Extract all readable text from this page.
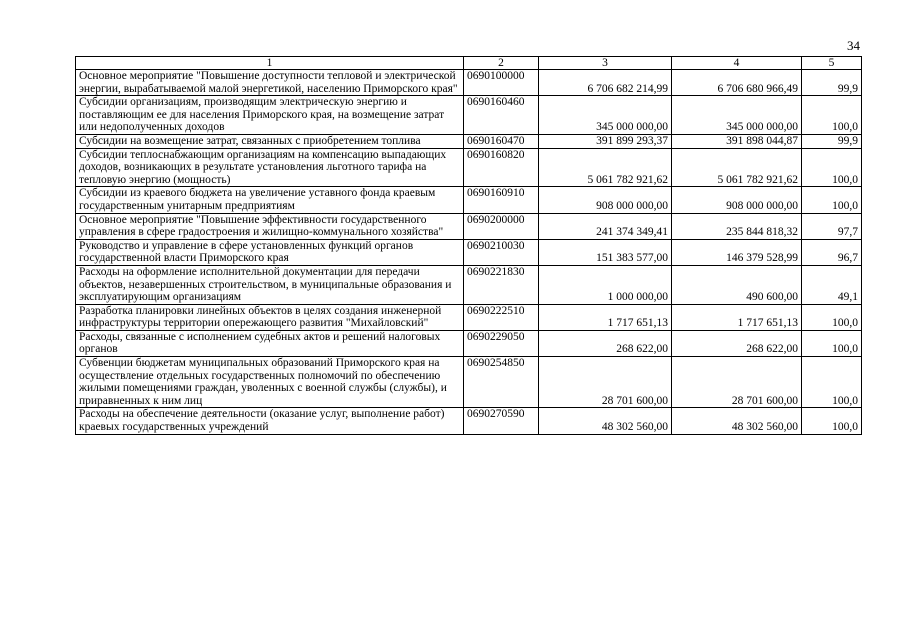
34
1	2	3	4	5
Основное мероприятие "Повышение доступности тепловой и электрической энергии, вырабатываемой малой энергетикой, населению Приморского края"	0690100000	6 706 682 214,99	6 706 680 966,49	99,9
Субсидии организациям, производящим электрическую энергию и поставляющим ее для населения Приморского края, на возмещение затрат или недополученных доходов	0690160460	345 000 000,00	345 000 000,00	100,0
Субсидии на возмещение затрат, связанных с приобретением топлива	0690160470	391 899 293,37	391 898 044,87	99,9
Субсидии теплоснабжающим организациям на компенсацию выпадающих доходов, возникающих в результате установления льготного тарифа на тепловую энергию (мощность)	0690160820	5 061 782 921,62	5 061 782 921,62	100,0
Субсидии из краевого бюджета на увеличение уставного фонда краевым государственным унитарным предприятиям	0690160910	908 000 000,00	908 000 000,00	100,0
Основное мероприятие "Повышение эффективности государственного управления в сфере градостроения и жилищно-коммунального хозяйства"	0690200000	241 374 349,41	235 844 818,32	97,7
Руководство и управление в сфере установленных функций органов государственной власти Приморского края	0690210030	151 383 577,00	146 379 528,99	96,7
Расходы на оформление исполнительной документации для передачи объектов, незавершенных строительством, в муниципальные образования и эксплуатирующим организациям	0690221830	1 000 000,00	490 600,00	49,1
Разработка планировки линейных объектов в целях создания инженерной инфраструктуры территории опережающего развития "Михайловский"	0690222510	1 717 651,13	1 717 651,13	100,0
Расходы, связанные с исполнением судебных актов и решений налоговых органов	0690229050	268 622,00	268 622,00	100,0
Субвенции бюджетам муниципальных образований Приморского края на осуществление отдельных государственных полномочий по обеспечению жилыми помещениями граждан, уволенных с военной службы (службы), и приравненных к ним лиц	0690254850	28 701 600,00	28 701 600,00	100,0
Расходы на обеспечение деятельности (оказание услуг, выполнение работ) краевых государственных учреждений	0690270590	48 302 560,00	48 302 560,00	100,0
